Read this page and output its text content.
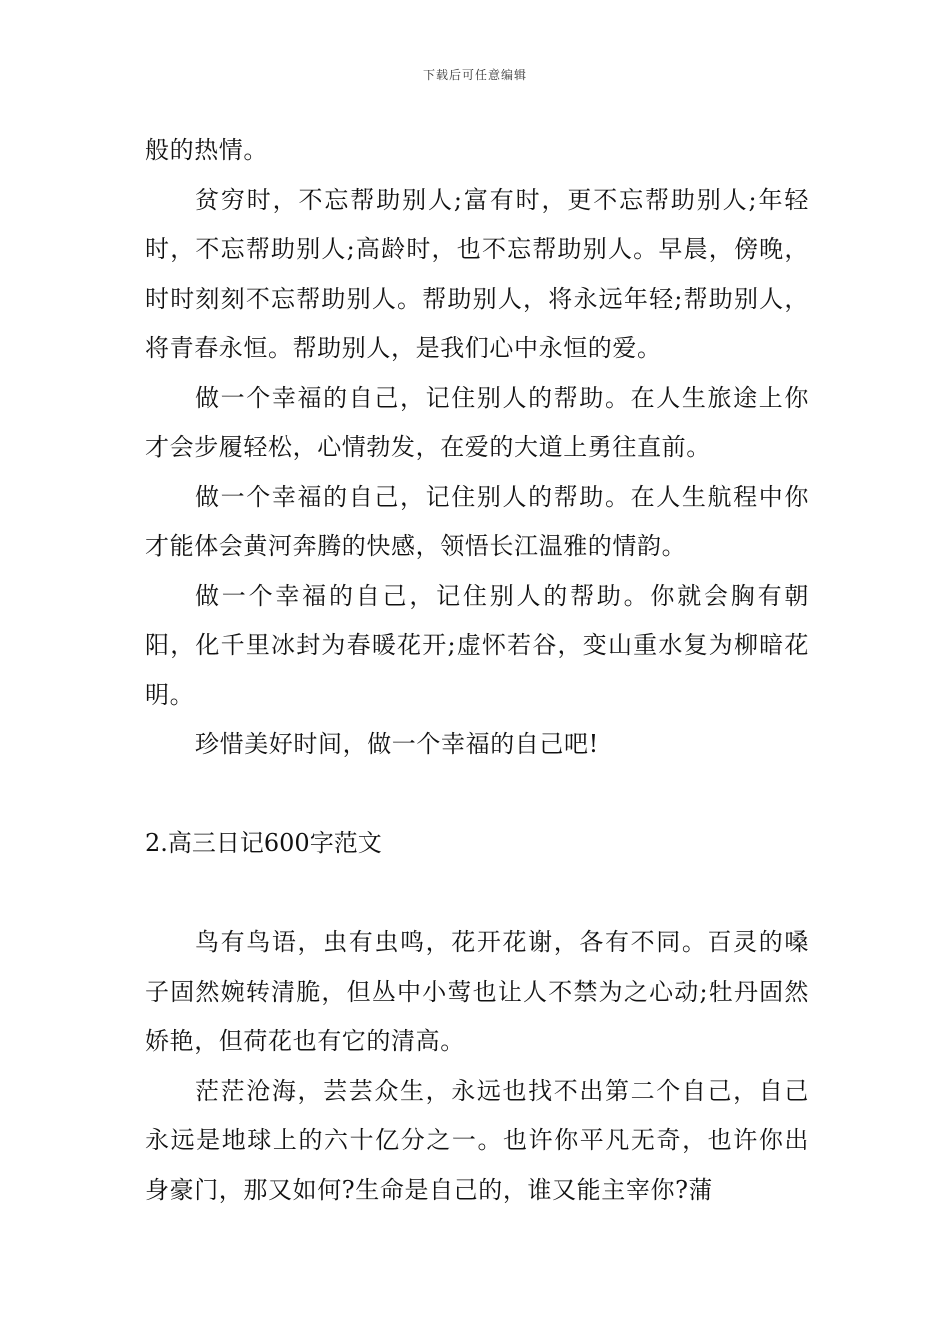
下载后可任意编辑

般的热情。

贫穷时，不忘帮助别人;富有时，更不忘帮助别人;年轻时，不忘帮助别人;高龄时，也不忘帮助别人。早晨，傍晚，时时刻刻不忘帮助别人。帮助别人，将永远年轻;帮助别人，将青春永恒。帮助别人，是我们心中永恒的爱。

做一个幸福的自己，记住别人的帮助。在人生旅途上你才会步履轻松，心情勃发，在爱的大道上勇往直前。

做一个幸福的自己，记住别人的帮助。在人生航程中你才能体会黄河奔腾的快感，领悟长江温雅的情韵。

做一个幸福的自己，记住别人的帮助。你就会胸有朝阳，化千里冰封为春暖花开;虚怀若谷，变山重水复为柳暗花明。

珍惜美好时间，做一个幸福的自己吧!

2.高三日记600字范文

鸟有鸟语，虫有虫鸣，花开花谢，各有不同。百灵的嗓子固然婉转清脆，但丛中小莺也让人不禁为之心动;牡丹固然娇艳，但荷花也有它的清高。

茫茫沧海，芸芸众生，永远也找不出第二个自己，自己永远是地球上的六十亿分之一。也许你平凡无奇，也许你出身豪门，那又如何?生命是自己的，谁又能主宰你?蒲
